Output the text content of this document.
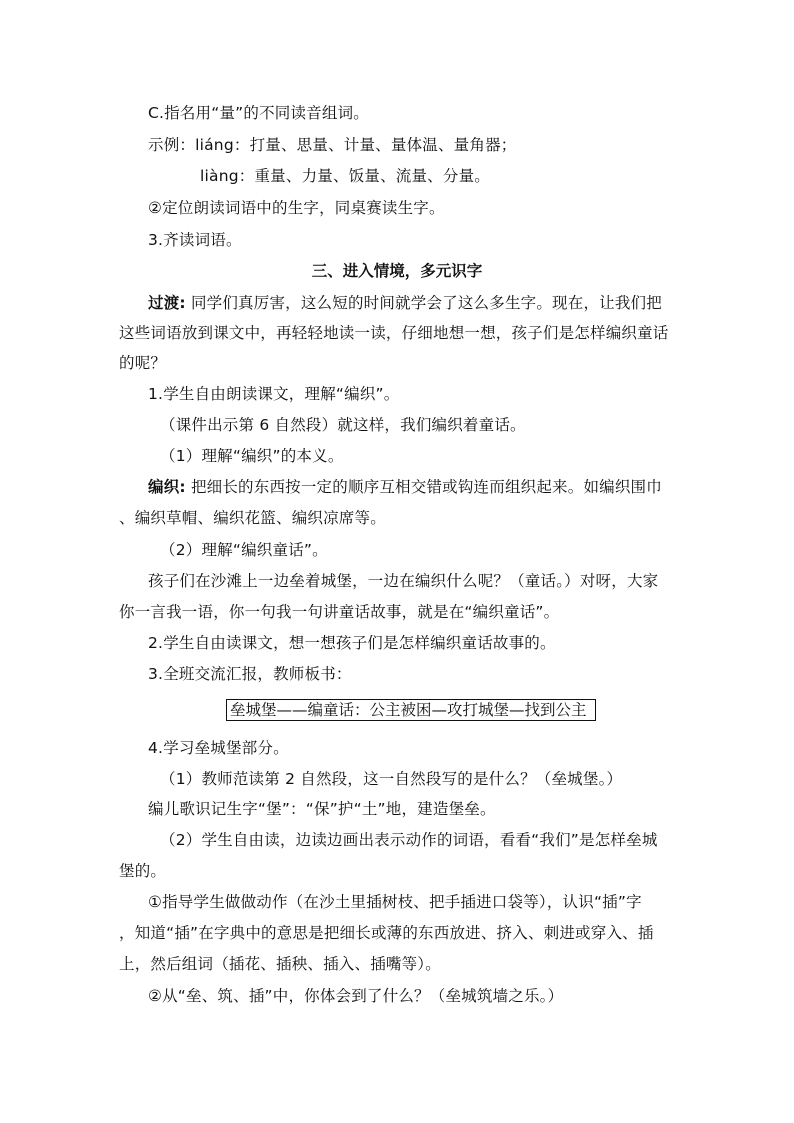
C.指名用“量”的不同读音组词。
示例：liáng：打量、思量、计量、量体温、量角器；
liàng：重量、力量、饭量、流量、分量。
②定位朗读词语中的生字，同桌赛读生字。
3.齐读词语。
三、进入情境，多元识字
过渡: 同学们真厉害，这么短的时间就学会了这么多生字。现在，让我们把
这些词语放到课文中，再轻轻地读一读，仔细地想一想，孩子们是怎样编织童话
的呢？
1.学生自由朗读课文，理解“编织”。
（课件出示第 6 自然段）就这样，我们编织着童话。
（1）理解“编织”的本义。
编织: 把细长的东西按一定的顺序互相交错或钩连而组织起来。如编织围巾
、编织草帽、编织花篮、编织凉席等。
（2）理解“编织童话”。
孩子们在沙滩上一边垒着城堡，一边在编织什么呢？（童话。）对呀，大家
你一言我一语，你一句我一句讲童话故事，就是在“编织童话”。
2.学生自由读课文，想一想孩子们是怎样编织童话故事的。
3.全班交流汇报，教师板书：
垒城堡——编童话：公主被困—攻打城堡—找到公主
4.学习垒城堡部分。
（1）教师范读第 2 自然段，这一自然段写的是什么？（垒城堡。）
编儿歌识记生字“堡”：“保”护“土”地，建造堡垒。
（2）学生自由读，边读边画出表示动作的词语，看看“我们”是怎样垒城
堡的。
①指导学生做做动作（在沙土里插树枝、把手插进口袋等），认识“插”字
，知道“插”在字典中的意思是把细长或薄的东西放进、挤入、刺进或穿入、插
上，然后组词（插花、插秧、插入、插嘴等）。
②从“垒、筑、插”中，你体会到了什么？（垒城筑墙之乐。）
